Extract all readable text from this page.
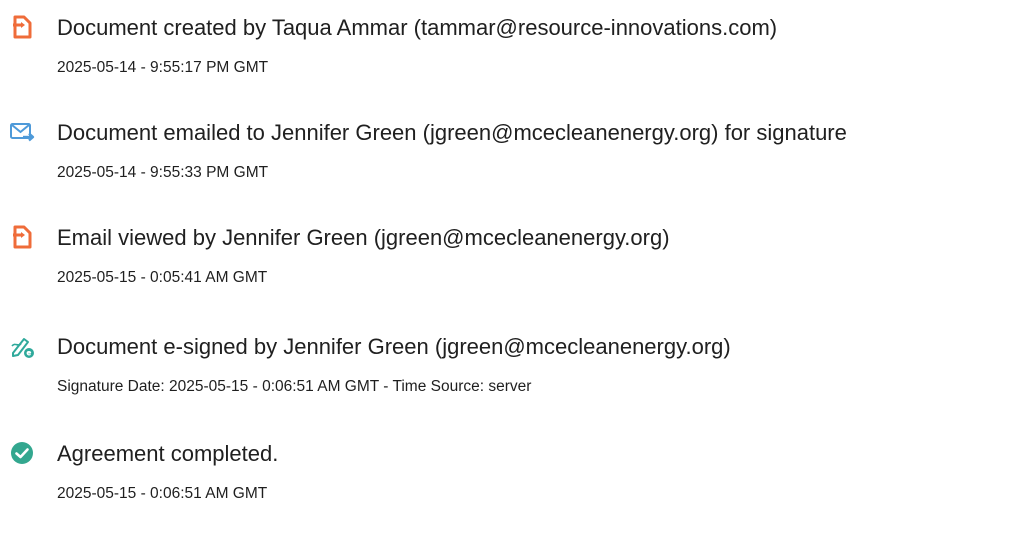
Document created by Taqua Ammar (tammar@resource-innovations.com)
2025-05-14 - 9:55:17 PM GMT
Document emailed to Jennifer Green (jgreen@mcecleanenergy.org) for signature
2025-05-14 - 9:55:33 PM GMT
Email viewed by Jennifer Green (jgreen@mcecleanenergy.org)
2025-05-15 - 0:05:41 AM GMT
Document e-signed by Jennifer Green (jgreen@mcecleanenergy.org)
Signature Date: 2025-05-15 - 0:06:51 AM GMT - Time Source: server
Agreement completed.
2025-05-15 - 0:06:51 AM GMT
